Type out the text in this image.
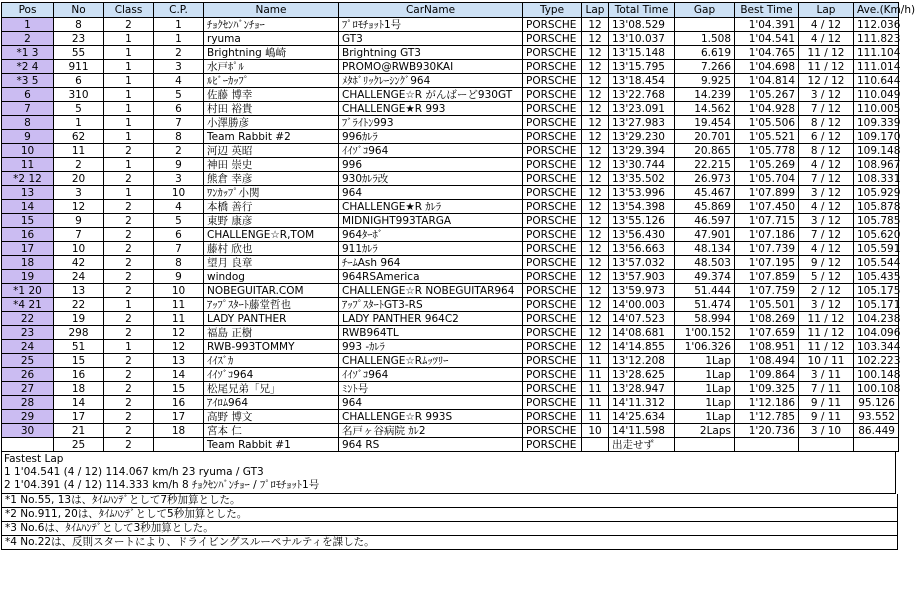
Pos	No	Class	C.P.	Name	CarName	Type	Lap	Total Time	Gap	Best Time	Lap	Ave.(Km/h)
1	8	2	1	ﾁｮｸｾﾝﾊﾞﾝﾁｮｰ	ﾌﾟﾛﾓﾁｮｯﾄ1号	PORSCHE	12	13'08.529		1'04.391	4 / 12	112.036
2	23	1	1	ryuma	GT3	PORSCHE	12	13'10.037	1.508	1'04.541	4 / 12	111.823
*1 3	55	1	2	Brightning 嶋崎	Brightning GT3	PORSCHE	12	13'15.148	6.619	1'04.765	11 / 12	111.104
*2 4	911	1	3	水戸ﾎﾟﾙ	PROMO@RWB930KAI	PORSCHE	12	13'15.795	7.266	1'04.698	11 / 12	111.014
*3 5	6	1	4	ﾙﾋﾞｰｶｯﾌﾟ	ﾒﾀﾎﾞﾘｯｸﾚｰｼﾝｸﾞ964	PORSCHE	12	13'18.454	9.925	1'04.814	12 / 12	110.644
6	310	1	5	佐藤 博幸	CHALLENGE☆R がんばーど930GT	PORSCHE	12	13'22.768	14.239	1'05.267	3 / 12	110.049
7	5	1	6	村田 裕貴	CHALLENGE★R 993	PORSCHE	12	13'23.091	14.562	1'04.928	7 / 12	110.005
8	1	1	7	小澤勝彦	ﾌﾞﾗｲﾄﾝ993	PORSCHE	12	13'27.983	19.454	1'05.506	8 / 12	109.339
9	62	1	8	Team Rabbit #2	996ｶﾚﾗ	PORSCHE	12	13'29.230	20.701	1'05.521	6 / 12	109.170
10	11	2	2	河辺 英昭	ｲｲｿﾞｺ964	PORSCHE	12	13'29.394	20.865	1'05.778	8 / 12	109.148
11	2	1	9	神田 崇史	996	PORSCHE	12	13'30.744	22.215	1'05.269	4 / 12	108.967
*2 12	20	2	3	熊倉 幸彦	930ｶﾚﾗ改	PORSCHE	12	13'35.502	26.973	1'05.704	7 / 12	108.331
13	3	1	10	ﾜﾝｶｯﾌﾟ小関	964	PORSCHE	12	13'53.996	45.467	1'07.899	3 / 12	105.929
14	12	2	4	本橋 善行	CHALLENGE★R ｶﾚﾗ	PORSCHE	12	13'54.398	45.869	1'07.450	4 / 12	105.878
15	9	2	5	東野 康彦	MIDNIGHT993TARGA	PORSCHE	12	13'55.126	46.597	1'07.715	3 / 12	105.785
16	7	2	6	CHALLENGE☆R,TOM	964ﾀｰﾎﾞ	PORSCHE	12	13'56.430	47.901	1'07.186	7 / 12	105.620
17	10	2	7	藤村 欣也	911ｶﾚﾗ	PORSCHE	12	13'56.663	48.134	1'07.739	4 / 12	105.591
18	42	2	8	望月 良章	ﾁｰﾑAsh 964	PORSCHE	12	13'57.032	48.503	1'07.195	9 / 12	105.544
19	24	2	9	windog	964RSAmerica	PORSCHE	12	13'57.903	49.374	1'07.859	5 / 12	105.435
*1 20	13	2	10	NOBEGUITAR.COM	CHALLENGE☆R NOBEGUITAR964	PORSCHE	12	13'59.973	51.444	1'07.759	2 / 12	105.175
*4 21	22	1	11	ｱｯﾌﾟｽﾀｰﾄ藤堂哲也	ｱｯﾌﾟｽﾀｰﾄGT3-RS	PORSCHE	12	14'00.003	51.474	1'05.501	3 / 12	105.171
22	19	2	11	LADY PANTHER	LADY PANTHER 964C2	PORSCHE	12	14'07.523	58.994	1'08.269	11 / 12	104.238
23	298	2	12	福島 正樹	RWB964TL	PORSCHE	12	14'08.681	1'00.152	1'07.659	11 / 12	104.096
24	51	1	12	RWB-993TOMMY	993 -ｶﾚﾗ	PORSCHE	12	14'14.855	1'06.326	1'08.951	11 / 12	103.344
25	15	2	13	ｲｲｽﾞｶ	CHALLENGE☆Rﾑｯﾂﾘｰ	PORSCHE	11	13'12.208	1Lap	1'08.494	10 / 11	102.223
26	16	2	14	ｲｲｿﾞｺ964	ｲｲｿﾞｺ964	PORSCHE	11	13'28.625	1Lap	1'09.864	3 / 11	100.148
27	18	2	15	松尾兄弟「兄」	ﾐﾝﾄ号	PORSCHE	11	13'28.947	1Lap	1'09.325	7 / 11	100.108
28	14	2	16	ｱｲﾛﾑ964	964	PORSCHE	11	14'11.312	1Lap	1'12.186	9 / 11	95.126
29	17	2	17	高野 博文	CHALLENGE☆R 993S	PORSCHE	11	14'25.634	1Lap	1'12.785	9 / 11	93.552
30	21	2	18	宮本 仁	名戸ヶ谷病院 ｶﾚ2	PORSCHE	10	14'11.598	2Laps	1'20.736	3 / 10	86.449
	25	2		Team Rabbit #1	964 RS	PORSCHE		出走せず				
Fastest Lap
1 1'04.541 (4 / 12) 114.067 km/h 23 ryuma / GT3
2 1'04.391 (4 / 12) 114.333 km/h 8 ﾁｮｸｾﾝﾊﾞﾝﾁｮｰ / ﾌﾟﾛﾓﾁｮｯﾄ1号
*1 No.55, 13は、ﾀｲﾑﾊﾝﾃﾞとして7秒加算とした。
*2 No.911, 20は、ﾀｲﾑﾊﾝﾃﾞとして5秒加算とした。
*3 No.6は、ﾀｲﾑﾊﾝﾃﾞとして3秒加算とした。
*4 No.22は、反則スタートにより、ドライビングスルーペナルティを課した。
